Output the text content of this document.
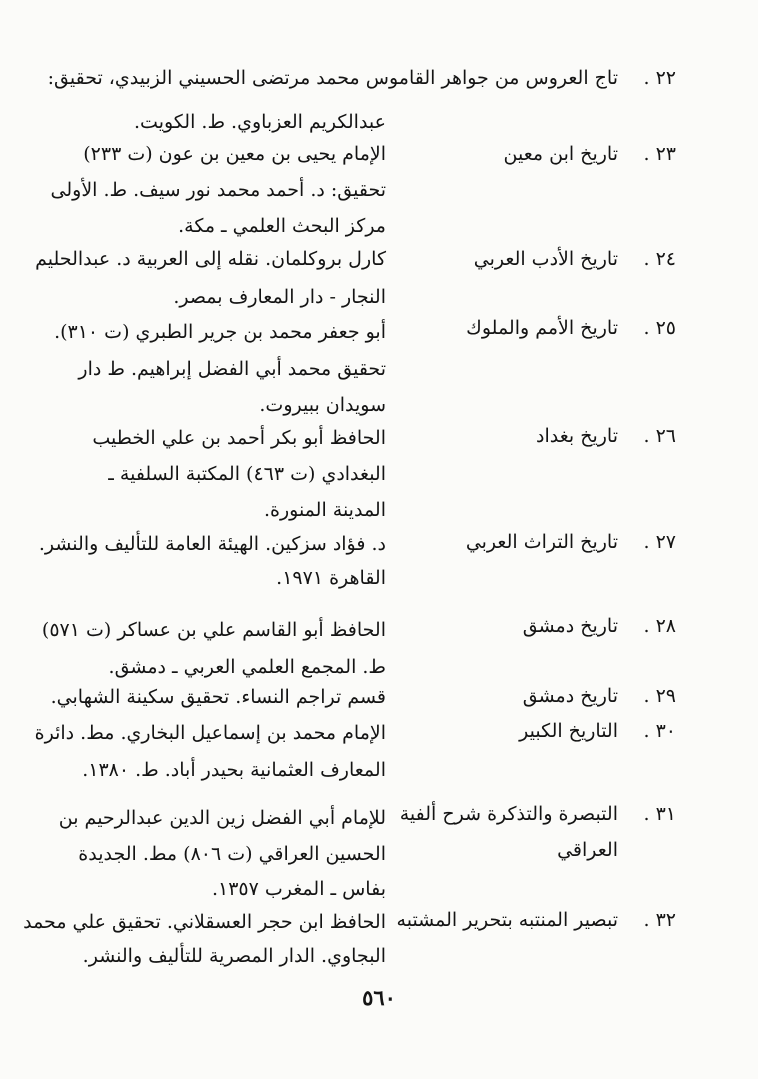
٢٢ .
تاج العروس من جواهر القاموس محمد مرتضى الحسيني الزبيدي، تحقيق:
عبدالكريم العزباوي. ط. الكويت.
٢٣ .
تاريخ ابن معين
الإمام يحيى بن معين بن عون (ت ٢٣٣)
تحقيق: د. أحمد محمد نور سيف. ط. الأولى
مركز البحث العلمي ـ مكة.
٢٤ .
تاريخ الأدب العربي
كارل بروكلمان. نقله إلى العربية د. عبدالحليم
النجار - دار المعارف بمصر.
٢٥ .
تاريخ الأمم والملوك
أبو جعفر محمد بن جرير الطبري (ت ٣١٠).
تحقيق محمد أبي الفضل إبراهيم. ط دار
سويدان ببيروت.
٢٦ .
تاريخ بغداد
الحافظ أبو بكر أحمد بن علي الخطيب
البغدادي (ت ٤٦٣) المكتبة السلفية ـ
المدينة المنورة.
٢٧ .
تاريخ التراث العربي
د. فؤاد سزكين. الهيئة العامة للتأليف والنشر.
القاهرة ١٩٧١.
٢٨ .
تاريخ دمشق
الحافظ أبو القاسم علي بن عساكر (ت ٥٧١)
ط. المجمع العلمي العربي ـ دمشق.
٢٩ .
تاريخ دمشق
قسم تراجم النساء. تحقيق سكينة الشهابي.
٣٠ .
التاريخ الكبير
الإمام محمد بن إسماعيل البخاري. مط. دائرة
المعارف العثمانية بحيدر أباد. ط. ١٣٨٠.
٣١ .
التبصرة والتذكرة شرح ألفية
العراقي
للإمام أبي الفضل زين الدين عبدالرحيم بن
الحسين العراقي (ت ٨٠٦) مط. الجديدة
بفاس ـ المغرب ١٣٥٧.
٣٢ .
تبصير المنتبه بتحرير المشتبه
الحافظ ابن حجر العسقلاني. تحقيق علي محمد
البجاوي. الدار المصرية للتأليف والنشر.
٥٦٠
